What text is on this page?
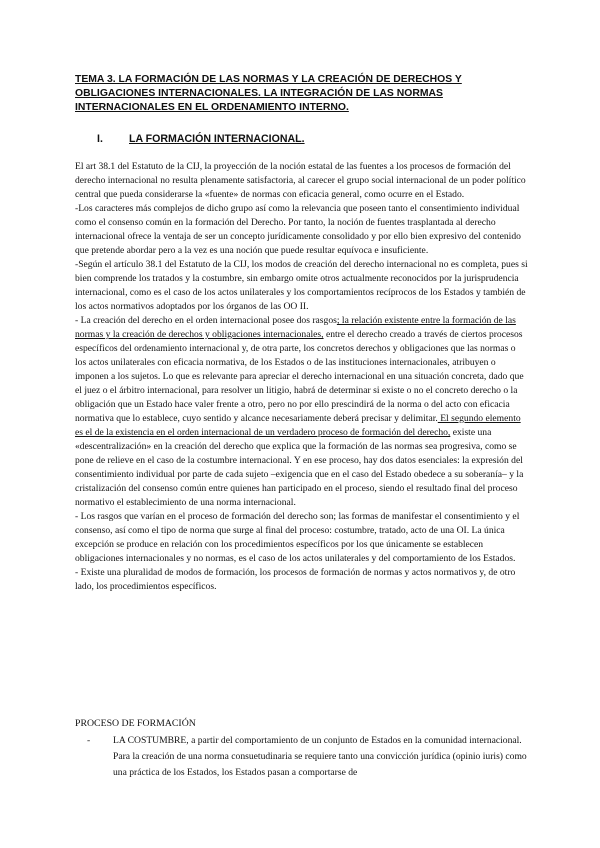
TEMA 3. LA FORMACIÓN DE LAS NORMAS Y LA CREACIÓN DE DERECHOS Y OBLIGACIONES INTERNACIONALES. LA INTEGRACIÓN DE LAS NORMAS INTERNACIONALES EN EL ORDENAMIENTO INTERNO.
I. LA FORMACIÓN INTERNACIONAL.

El art 38.1 del Estatuto de la CIJ, la proyección de la noción estatal de las fuentes a los procesos de formación del derecho internacional no resulta plenamente satisfactoria, al carecer el grupo social internacional de un poder político central que pueda considerarse la «fuente» de normas con eficacia general, como ocurre en el Estado.

-Los caracteres más complejos de dicho grupo así como la relevancia que poseen tanto el consentimiento individual como el consenso común en la formación del Derecho. Por tanto, la noción de fuentes trasplantada al derecho internacional ofrece la ventaja de ser un concepto jurídicamente consolidado y por ello bien expresivo del contenido que pretende abordar pero a la vez es una noción que puede resultar equívoca e insuficiente.

-Según el artículo 38.1 del Estatuto de la CIJ, los modos de creación del derecho internacional no es completa, pues si bien comprende los tratados y la costumbre, sin embargo omite otros actualmente reconocidos por la jurisprudencia internacional, como es el caso de los actos unilaterales y los comportamientos recíprocos de los Estados y también de los actos normativos adoptados por los órganos de las OO II.

- La creación del derecho en el orden internacional posee dos rasgos; la relación existente entre la formación de las normas y la creación de derechos y obligaciones internacionales, entre el derecho creado a través de ciertos procesos específicos del ordenamiento internacional y, de otra parte, los concretos derechos y obligaciones que las normas o los actos unilaterales con eficacia normativa, de los Estados o de las instituciones internacionales, atribuyen o imponen a los sujetos. Lo que es relevante para apreciar el derecho internacional en una situación concreta, dado que el juez o el árbitro internacional, para resolver un litigio, habrá de determinar si existe o no el concreto derecho o la obligación que un Estado hace valer frente a otro, pero no por ello prescindirá de la norma o del acto con eficacia normativa que lo establece, cuyo sentido y alcance necesariamente deberá precisar y delimitar. El segundo elemento es el de la existencia en el orden internacional de un verdadero proceso de formación del derecho, existe una «descentralización» en la creación del derecho que explica que la formación de las normas sea progresiva, como se pone de relieve en el caso de la costumbre internacional. Y en ese proceso, hay dos datos esenciales: la expresión del consentimiento individual por parte de cada sujeto –exigencia que en el caso del Estado obedece a su soberanía– y la cristalización del consenso común entre quienes han participado en el proceso, siendo el resultado final del proceso normativo el establecimiento de una norma internacional.

- Los rasgos que varían en el proceso de formación del derecho son; las formas de manifestar el consentimiento y el consenso, así como el tipo de norma que surge al final del proceso: costumbre, tratado, acto de una OI. La única excepción se produce en relación con los procedimientos específicos por los que únicamente se establecen obligaciones internacionales y no normas, es el caso de los actos unilaterales y del comportamiento de los Estados.

- Existe una pluralidad de modos de formación, los procesos de formación de normas y actos normativos y, de otro lado, los procedimientos específicos.

PROCESO DE FORMACIÓN
- LA COSTUMBRE, a partir del comportamiento de un conjunto de Estados en la comunidad internacional. Para la creación de una norma consuetudinaria se requiere tanto una convicción jurídica (opinio iuris) como una práctica de los Estados, los Estados pasan a comportarse de
